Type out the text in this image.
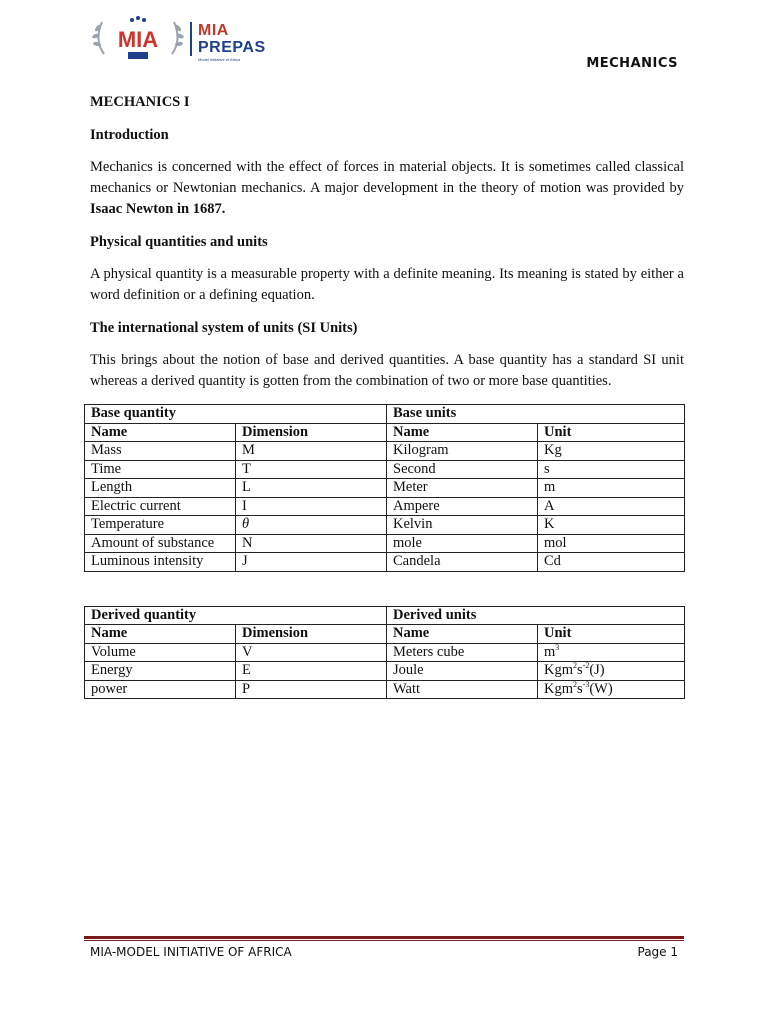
MIA MIA
PREPAS
Model Initiative of Africa	MECHANICS
MECHANICS I
Introduction

Mechanics is concerned with the effect of forces in material objects. It is sometimes called classical mechanics or Newtonian mechanics. A major development in the theory of motion was provided by Isaac Newton in 1687.

Physical quantities and units

A physical quantity is a measurable property with a definite meaning. Its meaning is stated by either a word definition or a defining equation.

The international system of units (SI Units)

This brings about the notion of base and derived quantities. A base quantity has a standard SI unit whereas a derived quantity is gotten from the combination of two or more base quantities.

Base quantity		Base units	
Name	Dimension	Name	Unit
Mass	M	Kilogram	Kg
Time	T	Second	s
Length	L	Meter	m
Electric current	I	Ampere	A
Temperature	θ	Kelvin	K
Amount of substance	N	mole	mol
Luminous intensity	J	Candela	Cd
Derived quantity		Derived units	
Name	Dimension	Name	Unit
Volume	V	Meters cube	$m^3$
Energy	E	Joule	$Kgm^2s^{-2}(J)$
power	P	Watt	$Kgm^2s^{-3}(W)$
MIA-MODEL INITIATIVE OF AFRICA	Page 1
